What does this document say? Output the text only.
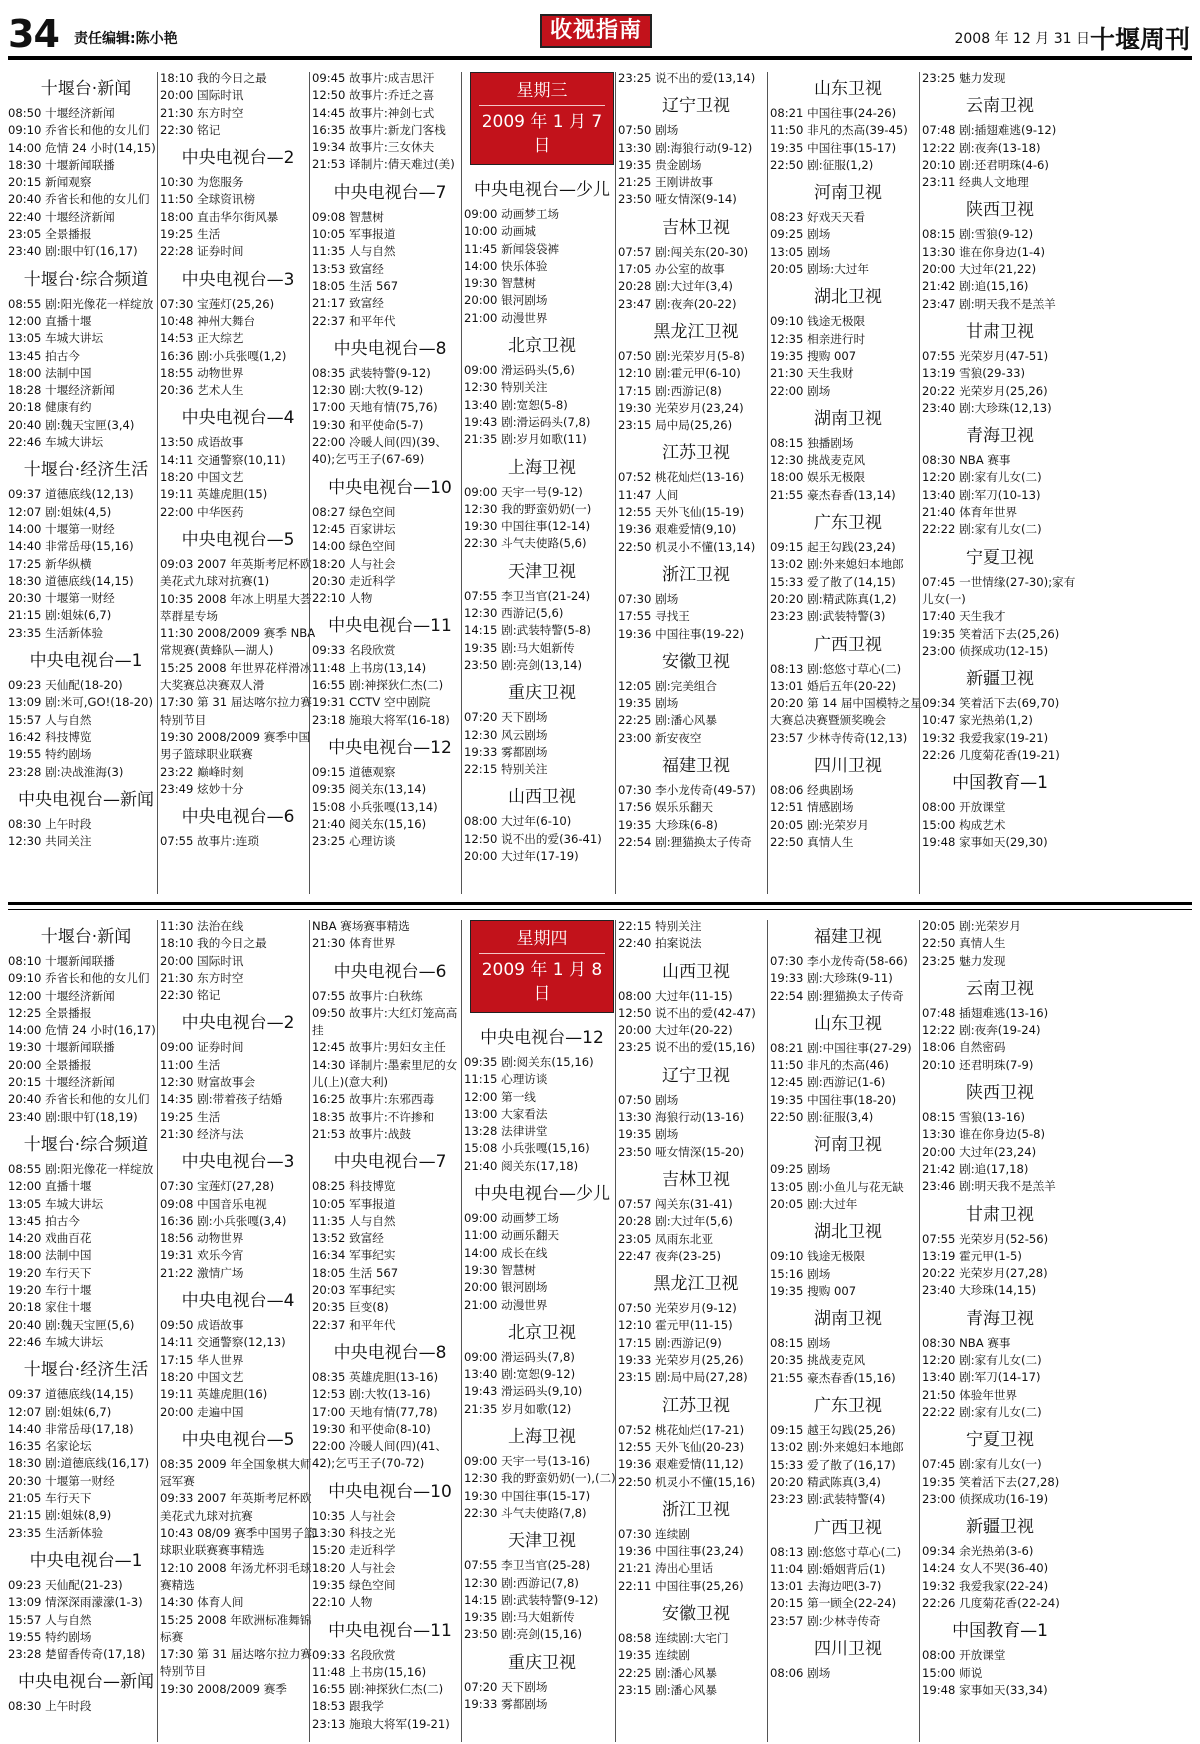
34 责任编辑:陈小艳	收视指南	2008 年 12 月 31 日 十堰周刊
十堰台·新闻
08:50 十堰经济新闻
09:10 乔省长和他的女儿们
14:00 危情 24 小时(14,15)
18:30 十堰新闻联播
20:15 新闻观察
20:40 乔省长和他的女儿们
22:40 十堰经济新闻
23:05 全景播报
23:40 剧:眼中钉(16,17)
十堰台·综合频道
08:55 剧:阳光像花一样绽放
12:00 直播十堰
13:05 车城大讲坛
13:45 拍古今
18:00 法制中国
18:28 十堰经济新闻
20:18 健康有约
20:40 剧:魏天宝匣(3,4)
22:46 车城大讲坛
十堰台·经济生活
09:37 道德底线(12,13)
12:07 剧:姐妹(4,5)
14:00 十堰第一财经
14:40 非常岳母(15,16)
17:25 新华纵横
18:30 道德底线(14,15)
20:30 十堰第一财经
21:15 剧:姐妹(6,7)
23:35 生活新体验
中央电视台—1
09:23 天仙配(18-20)
13:09 剧:米可,GO!(18-20)
15:57 人与自然
16:42 科技博览
19:55 特约剧场
23:28 剧:决战淮海(3)
中央电视台—新闻
08:30 上午时段
12:30 共同关注
18:10 我的今日之最
20:00 国际时讯
21:30 东方时空
22:30 铭记
中央电视台—2
10:30 为您服务
11:50 全球资讯榜
18:00 直击华尔街风暴
19:25 生活
22:28 证券时间
中央电视台—3
07:30 宝莲灯(25,26)
10:48 神州大舞台
14:53 正大综艺
16:36 剧:小兵张嘎(1,2)
18:55 动物世界
20:36 艺术人生
中央电视台—4
13:50 成语故事
14:11 交通警察(10,11)
18:20 中国文艺
19:11 英雄虎胆(15)
22:00 中华医药
中央电视台—5
09:03 2007 年英斯考尼杯欧美花式九球对抗赛(1)
10:35 2008 年冰上明星大荟萃群星专场
11:30 2008/2009 赛季 NBA 常规赛(黄蜂队—湖人)
15:25 2008 年世界花样滑冰大奖赛总决赛双人滑
17:30 第 31 届达喀尔拉力赛特别节目
19:30 2008/2009 赛季中国男子篮球职业联赛
23:22 巅峰时刻
23:49 炫妙十分
中央电视台—6
07:55 故事片:连琐
09:45 故事片:成吉思汗
12:50 故事片:乔迁之喜
14:45 故事片:神剑七式
16:35 故事片:新龙门客栈
19:34 故事片:三女休夫
21:53 译制片:倩天难过(美)
中央电视台—7
09:08 智慧树
10:05 军事报道
11:35 人与自然
13:53 致富经
18:05 生活 567
21:17 致富经
22:37 和平年代
中央电视台—8
08:35 武装特警(9-12)
12:30 剧:大牧(9-12)
17:00 天地有情(75,76)
19:30 和平使命(5-7)
22:00 冷暖人间(四)(39、40);乞丐王子(67-69)
中央电视台—10
08:27 绿色空间
12:45 百家讲坛
14:00 绿色空间
18:20 人与社会
20:30 走近科学
22:10 人物
中央电视台—11
09:33 名段欣赏
11:48 上书房(13,14)
16:55 剧:神探狄仁杰(二)
19:31 CCTV 空中剧院
23:18 施琅大将军(16-18)
中央电视台—12
09:15 道德观察
09:35 阅关东(13,14)
15:08 小兵张嘎(13,14)
21:40 阅关东(15,16)
23:25 心理访谈
星期三
2009 年 1 月 7 日
中央电视台—少儿
09:00 动画梦工场
10:00 动画城
11:45 新闻袋袋裤
14:00 快乐体验
19:30 智慧树
20:00 银河剧场
21:00 动漫世界
北京卫视
09:00 滑运码头(5,6)
12:30 特别关注
13:40 剧:宽恕(5-8)
19:43 剧:滑运码头(7,8)
21:35 剧:岁月如歌(11)
上海卫视
09:00 天宇一号(9-12)
12:30 我的野蛮奶奶(一)
19:30 中国往事(12-14)
22:30 斗气夫使路(5,6)
天津卫视
07:55 李卫当官(21-24)
12:30 西游记(5,6)
14:15 剧:武装特警(5-8)
19:35 剧:马大姐新传
23:50 剧:亮剑(13,14)
重庆卫视
07:20 天下剧场
12:30 风云剧场
19:33 雾都剧场
22:15 特别关注
山西卫视
08:00 大过年(6-10)
12:50 说不出的爱(36-41)
20:00 大过年(17-19)
23:25 说不出的爱(13,14)
辽宁卫视
07:50 剧场
13:30 剧:海狼行动(9-12)
19:35 贵金剧场
21:25 王刚讲故事
23:50 哑女情深(9-14)
吉林卫视
07:57 剧:闯关东(20-30)
17:05 办公室的故事
20:28 剧:大过年(3,4)
23:47 剧:夜奔(20-22)
黑龙江卫视
07:50 剧:光荣岁月(5-8)
12:10 剧:霍元甲(6-10)
17:15 剧:西游记(8)
19:30 光荣岁月(23,24)
23:15 局中局(25,26)
江苏卫视
07:52 桃花灿烂(13-16)
11:47 人间
12:55 天外飞仙(15-19)
19:36 艰难爱情(9,10)
22:50 机灵小不懂(13,14)
浙江卫视
07:30 剧场
17:55 寻找王
19:36 中国往事(19-22)
安徽卫视
12:05 剧:完美组合
19:35 剧场
22:25 剧:潘心风暴
23:00 新安夜空
福建卫视
07:30 李小龙传奇(49-57)
17:56 娱乐乐翻天
19:35 大珍珠(6-8)
22:54 剧:狸猫换太子传奇
山东卫视
08:21 中国往事(24-26)
11:50 非凡的杰高(39-45)
19:35 中国往事(15-17)
22:50 剧:征服(1,2)
河南卫视
08:23 好戏天天看
09:25 剧场
13:05 剧场
20:05 剧场:大过年
湖北卫视
09:10 钱途无极限
12:35 相亲进行时
19:35 搜购 007
21:30 天生我财
22:00 剧场
湖南卫视
08:15 独播剧场
12:30 挑战麦克风
18:00 娱乐无极限
21:55 豪杰春香(13,14)
广东卫视
09:15 起王勾践(23,24)
13:02 剧:外来媳妇本地郎
15:33 爱了散了(14,15)
20:20 剧:精武陈真(1,2)
23:23 剧:武装特警(3)
广西卫视
08:13 剧:悠悠寸草心(二)
13:01 婚后五年(20-22)
20:20 第 14 届中国模特之星大赛总决赛暨颁奖晚会
23:57 少林寺传奇(12,13)
四川卫视
08:06 经典剧场
12:51 情感剧场
20:05 剧:光荣岁月
22:50 真情人生
23:25 魅力发现
云南卫视
07:48 剧:插翅难逃(9-12)
12:22 剧:夜奔(13-18)
20:10 剧:还君明珠(4-6)
23:11 经典人文地理
陕西卫视
08:15 剧:雪狼(9-12)
13:30 谁在你身边(1-4)
20:00 大过年(21,22)
21:42 剧:追(15,16)
23:47 剧:明天我不是羔羊
甘肃卫视
07:55 光荣岁月(47-51)
13:19 雪狼(29-33)
20:22 光荣岁月(25,26)
23:40 剧:大珍珠(12,13)
青海卫视
08:30 NBA 赛事
12:20 剧:家有儿女(二)
13:40 剧:军刀(10-13)
21:40 体育年世界
22:22 剧:家有儿女(二)
宁夏卫视
07:45 一世情缘(27-30);家有儿女(一)
17:40 天生我才
19:35 笑着活下去(25,26)
23:00 侦探成功(12-15)
新疆卫视
09:34 笑着活下去(69,70)
10:47 家光热弟(1,2)
19:32 我爱我家(19-21)
22:26 几度菊花香(19-21)
中国教育—1
08:00 开放课堂
15:00 构成艺术
19:48 家事如天(29,30)
十堰台·新闻
08:10 十堰新闻联播
09:10 乔省长和他的女儿们
12:00 十堰经济新闻
12:25 全景播报
14:00 危情 24 小时(16,17)
19:30 十堰新闻联播
20:00 全景播报
20:15 十堰经济新闻
20:40 乔省长和他的女儿们
23:40 剧:眼中钉(18,19)
十堰台·综合频道
08:55 剧:阳光像花一样绽放
12:00 直播十堰
13:05 车城大讲坛
13:45 拍古今
14:20 戏曲百花
18:00 法制中国
19:20 车行天下
19:20 车行十堰
20:18 家住十堰
20:40 剧:魏天宝匣(5,6)
22:46 车城大讲坛
十堰台·经济生活
09:37 道德底线(14,15)
12:07 剧:姐妹(6,7)
14:40 非常岳母(17,18)
16:35 名家论坛
18:30 剧:道德底线(16,17)
20:30 十堰第一财经
21:05 车行天下
21:15 剧:姐妹(8,9)
23:35 生活新体验
中央电视台—1
09:23 天仙配(21-23)
13:09 情深深雨濛濛(1-3)
15:57 人与自然
19:55 特约剧场
23:28 楚留香传奇(17,18)
中央电视台—新闻
08:30 上午时段
11:30 法治在线
18:10 我的今日之最
20:00 国际时讯
21:30 东方时空
22:30 铭记
中央电视台—2
09:00 证券时间
11:00 生活
12:30 财富故事会
14:35 剧:带着孩子结婚
19:25 生活
21:30 经济与法
中央电视台—3
07:30 宝莲灯(27,28)
09:08 中国音乐电视
16:36 剧:小兵张嘎(3,4)
18:56 动物世界
19:31 欢乐今宵
21:22 激情广场
中央电视台—4
09:50 成语故事
14:11 交通警察(12,13)
17:15 华人世界
18:20 中国文艺
19:11 英雄虎胆(16)
20:00 走遍中国
中央电视台—5
08:35 2009 年全国象棋大师冠军赛
09:33 2007 年英斯考尼杯欧美花式九球对抗赛
10:43 08/09 赛季中国男子篮球职业联赛赛事精选
12:10 2008 年汤尤杯羽毛球赛精选
14:30 体育人间
15:25 2008 年欧洲标准舞锦标赛
17:30 第 31 届达喀尔拉力赛特别节目
19:30 2008/2009 赛季
NBA 赛场赛事精选
21:30 体育世界
中央电视台—6
07:55 故事片:白秋练
09:50 故事片:大红灯笼高高挂
12:45 故事片:男妇女主任
14:30 译制片:墨索里尼的女儿(上)(意大利)
16:25 故事片:东邪西毒
18:35 故事片:不许掺和
21:53 故事片:战鼓
中央电视台—7
08:25 科技博览
10:05 军事报道
11:35 人与自然
13:52 致富经
16:34 军事纪实
18:05 生活 567
20:03 军事纪实
20:35 巨变(8)
22:37 和平年代
中央电视台—8
08:35 英雄虎胆(13-16)
12:53 剧:大牧(13-16)
17:00 天地有情(77,78)
19:30 和平使命(8-10)
22:00 冷暖人间(四)(41、42);乞丐王子(70-72)
中央电视台—10
10:35 人与社会
13:30 科技之光
15:20 走近科学
18:20 人与社会
19:35 绿色空间
22:10 人物
中央电视台—11
09:33 名段欣赏
11:48 上书房(15,16)
16:55 剧:神探狄仁杰(二)
18:53 跟我学
23:13 施琅大将军(19-21)
星期四
2009 年 1 月 8 日
中央电视台—12
09:35 剧:阅关东(15,16)
11:15 心理访谈
12:00 第一线
13:00 大家看法
13:28 法律讲堂
15:08 小兵张嘎(15,16)
21:40 阅关东(17,18)
中央电视台—少儿
09:00 动画梦工场
11:00 动画乐翻天
14:00 成长在线
19:30 智慧树
20:00 银河剧场
21:00 动漫世界
北京卫视
09:00 滑运码头(7,8)
13:40 剧:宽恕(9-12)
19:43 滑运码头(9,10)
21:35 岁月如歌(12)
上海卫视
09:00 天宇一号(13-16)
12:30 我的野蛮奶奶(一),(二)
19:30 中国往事(15-17)
22:30 斗气夫使路(7,8)
天津卫视
07:55 李卫当官(25-28)
12:30 剧:西游记(7,8)
14:15 剧:武装特警(9-12)
19:35 剧:马大姐新传
23:50 剧:亮剑(15,16)
重庆卫视
07:20 天下剧场
19:33 雾都剧场
22:15 特别关注
22:40 拍案说法
山西卫视
08:00 大过年(11-15)
12:50 说不出的爱(42-47)
20:00 大过年(20-22)
23:25 说不出的爱(15,16)
辽宁卫视
07:50 剧场
13:30 海狼行动(13-16)
19:35 剧场
23:50 哑女情深(15-20)
吉林卫视
07:57 闯关东(31-41)
20:28 剧:大过年(5,6)
23:05 凤雨东北亚
22:47 夜奔(23-25)
黑龙江卫视
07:50 光荣岁月(9-12)
12:10 霍元甲(11-15)
17:15 剧:西游记(9)
19:33 光荣岁月(25,26)
23:15 剧:局中局(27,28)
江苏卫视
07:52 桃花灿烂(17-21)
12:55 天外飞仙(20-23)
19:36 艰难爱情(11,12)
22:50 机灵小不懂(15,16)
浙江卫视
07:30 连续剧
19:36 中国往事(23,24)
21:21 涛出心里话
22:11 中国往事(25,26)
安徽卫视
08:58 连续剧:大宅门
19:35 连续剧
22:25 剧:潘心风暴
23:15 剧:潘心风暴
福建卫视
07:30 李小龙传奇(58-66)
19:33 剧:大珍珠(9-11)
22:54 剧:狸猫换太子传奇
山东卫视
08:21 剧:中国往事(27-29)
11:50 非凡的杰高(46)
12:45 剧:西游记(1-6)
19:35 中国往事(18-20)
22:50 剧:征服(3,4)
河南卫视
09:25 剧场
13:05 剧:小鱼儿与花无缺
20:05 剧:大过年
湖北卫视
09:10 钱途无极限
15:16 剧场
19:35 搜购 007
湖南卫视
08:15 剧场
20:35 挑战麦克风
21:55 豪杰春香(15,16)
广东卫视
09:15 越王勾践(25,26)
13:02 剧:外来媳妇本地郎
15:33 爱了散了(16,17)
20:20 精武陈真(3,4)
23:23 剧:武装特警(4)
广西卫视
08:13 剧:悠悠寸草心(二)
11:04 剧:婚姻背后(1)
13:01 去海边吧(3-7)
20:15 第一顾全(22-24)
23:57 剧:少林寺传奇
四川卫视
08:06 剧场
20:05 剧:光荣岁月
22:50 真情人生
23:25 魅力发现
云南卫视
07:48 插翅难逃(13-16)
12:22 剧:夜奔(19-24)
18:06 自然密码
20:10 还君明珠(7-9)
陕西卫视
08:15 雪狼(13-16)
13:30 谁在你身边(5-8)
20:00 大过年(23,24)
21:42 剧:追(17,18)
23:46 剧:明天我不是羔羊
甘肃卫视
07:55 光荣岁月(52-56)
13:19 霍元甲(1-5)
20:22 光荣岁月(27,28)
23:40 大珍珠(14,15)
青海卫视
08:30 NBA 赛事
12:20 剧:家有儿女(二)
13:40 剧:军刀(14-17)
21:50 体验年世界
22:22 剧:家有儿女(二)
宁夏卫视
07:45 剧:家有儿女(一)
19:35 笑着活下去(27,28)
23:00 侦探成功(16-19)
新疆卫视
09:34 余光热弟(3-6)
14:24 女人不哭(36-40)
19:32 我爱我家(22-24)
22:26 几度菊花香(22-24)
中国教育—1
08:00 开放课堂
15:00 师说
19:48 家事如天(33,34)
